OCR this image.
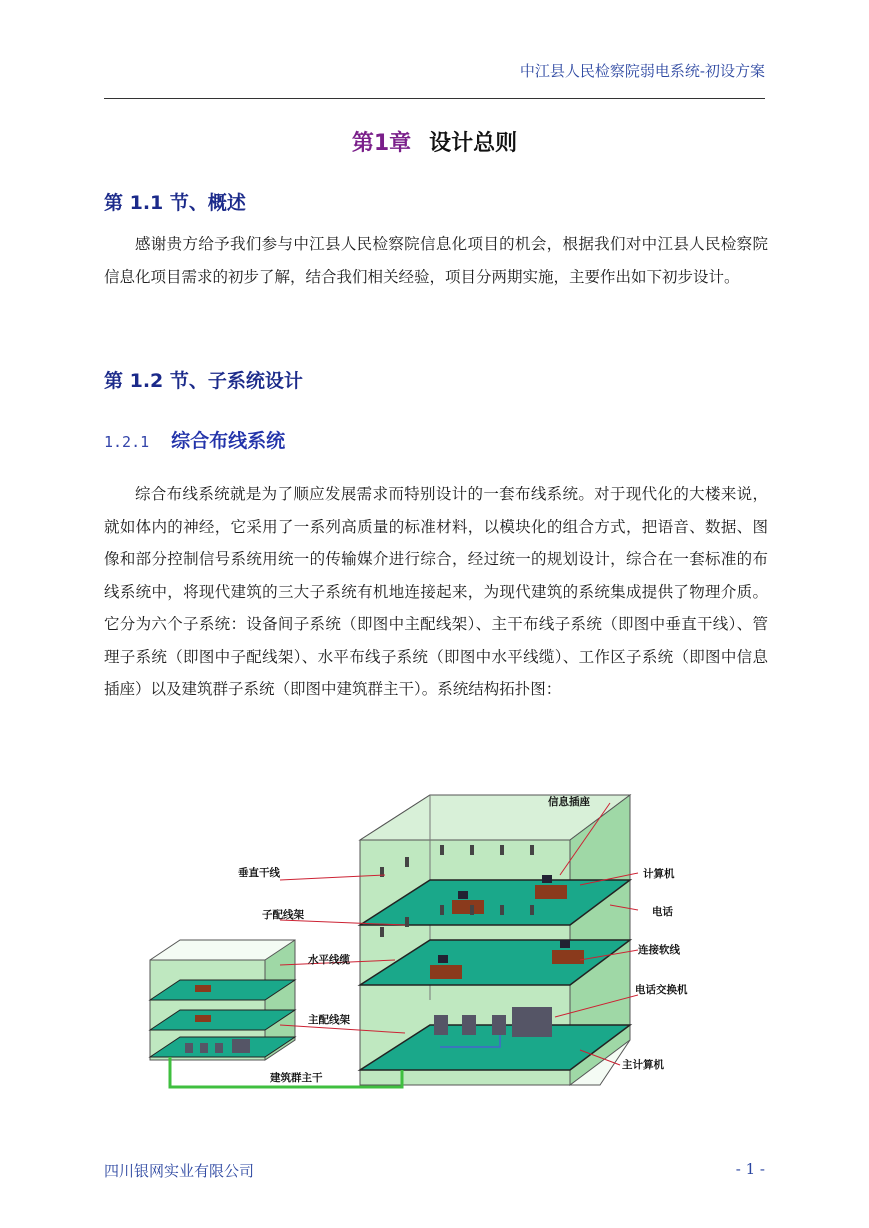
中江县人民检察院弱电系统-初设方案
第1章 设计总则
第 1.1 节、概述
感谢贵方给予我们参与中江县人民检察院信息化项目的机会，根据我们对中江县人民检察院信息化项目需求的初步了解，结合我们相关经验，项目分两期实施，主要作出如下初步设计。
第 1.2 节、子系统设计
1.2.1 综合布线系统
综合布线系统就是为了顺应发展需求而特别设计的一套布线系统。对于现代化的大楼来说，就如体内的神经，它采用了一系列高质量的标准材料，以模块化的组合方式，把语音、数据、图像和部分控制信号系统用统一的传输媒介进行综合，经过统一的规划设计，综合在一套标准的布线系统中，将现代建筑的三大子系统有机地连接起来，为现代建筑的系统集成提供了物理介质。它分为六个子系统：设备间子系统（即图中主配线架）、主干布线子系统（即图中垂直干线）、管理子系统（即图中子配线架）、水平布线子系统（即图中水平线缆）、工作区子系统（即图中信息插座）以及建筑群子系统（即图中建筑群主干）。系统结构拓扑图：
信息插座
垂直干线	计算机
子配线架	电话
连接软线
水平线缆
电话交换机
主配线架
主计算机
建筑群主干
四川银网实业有限公司	- 1 -
